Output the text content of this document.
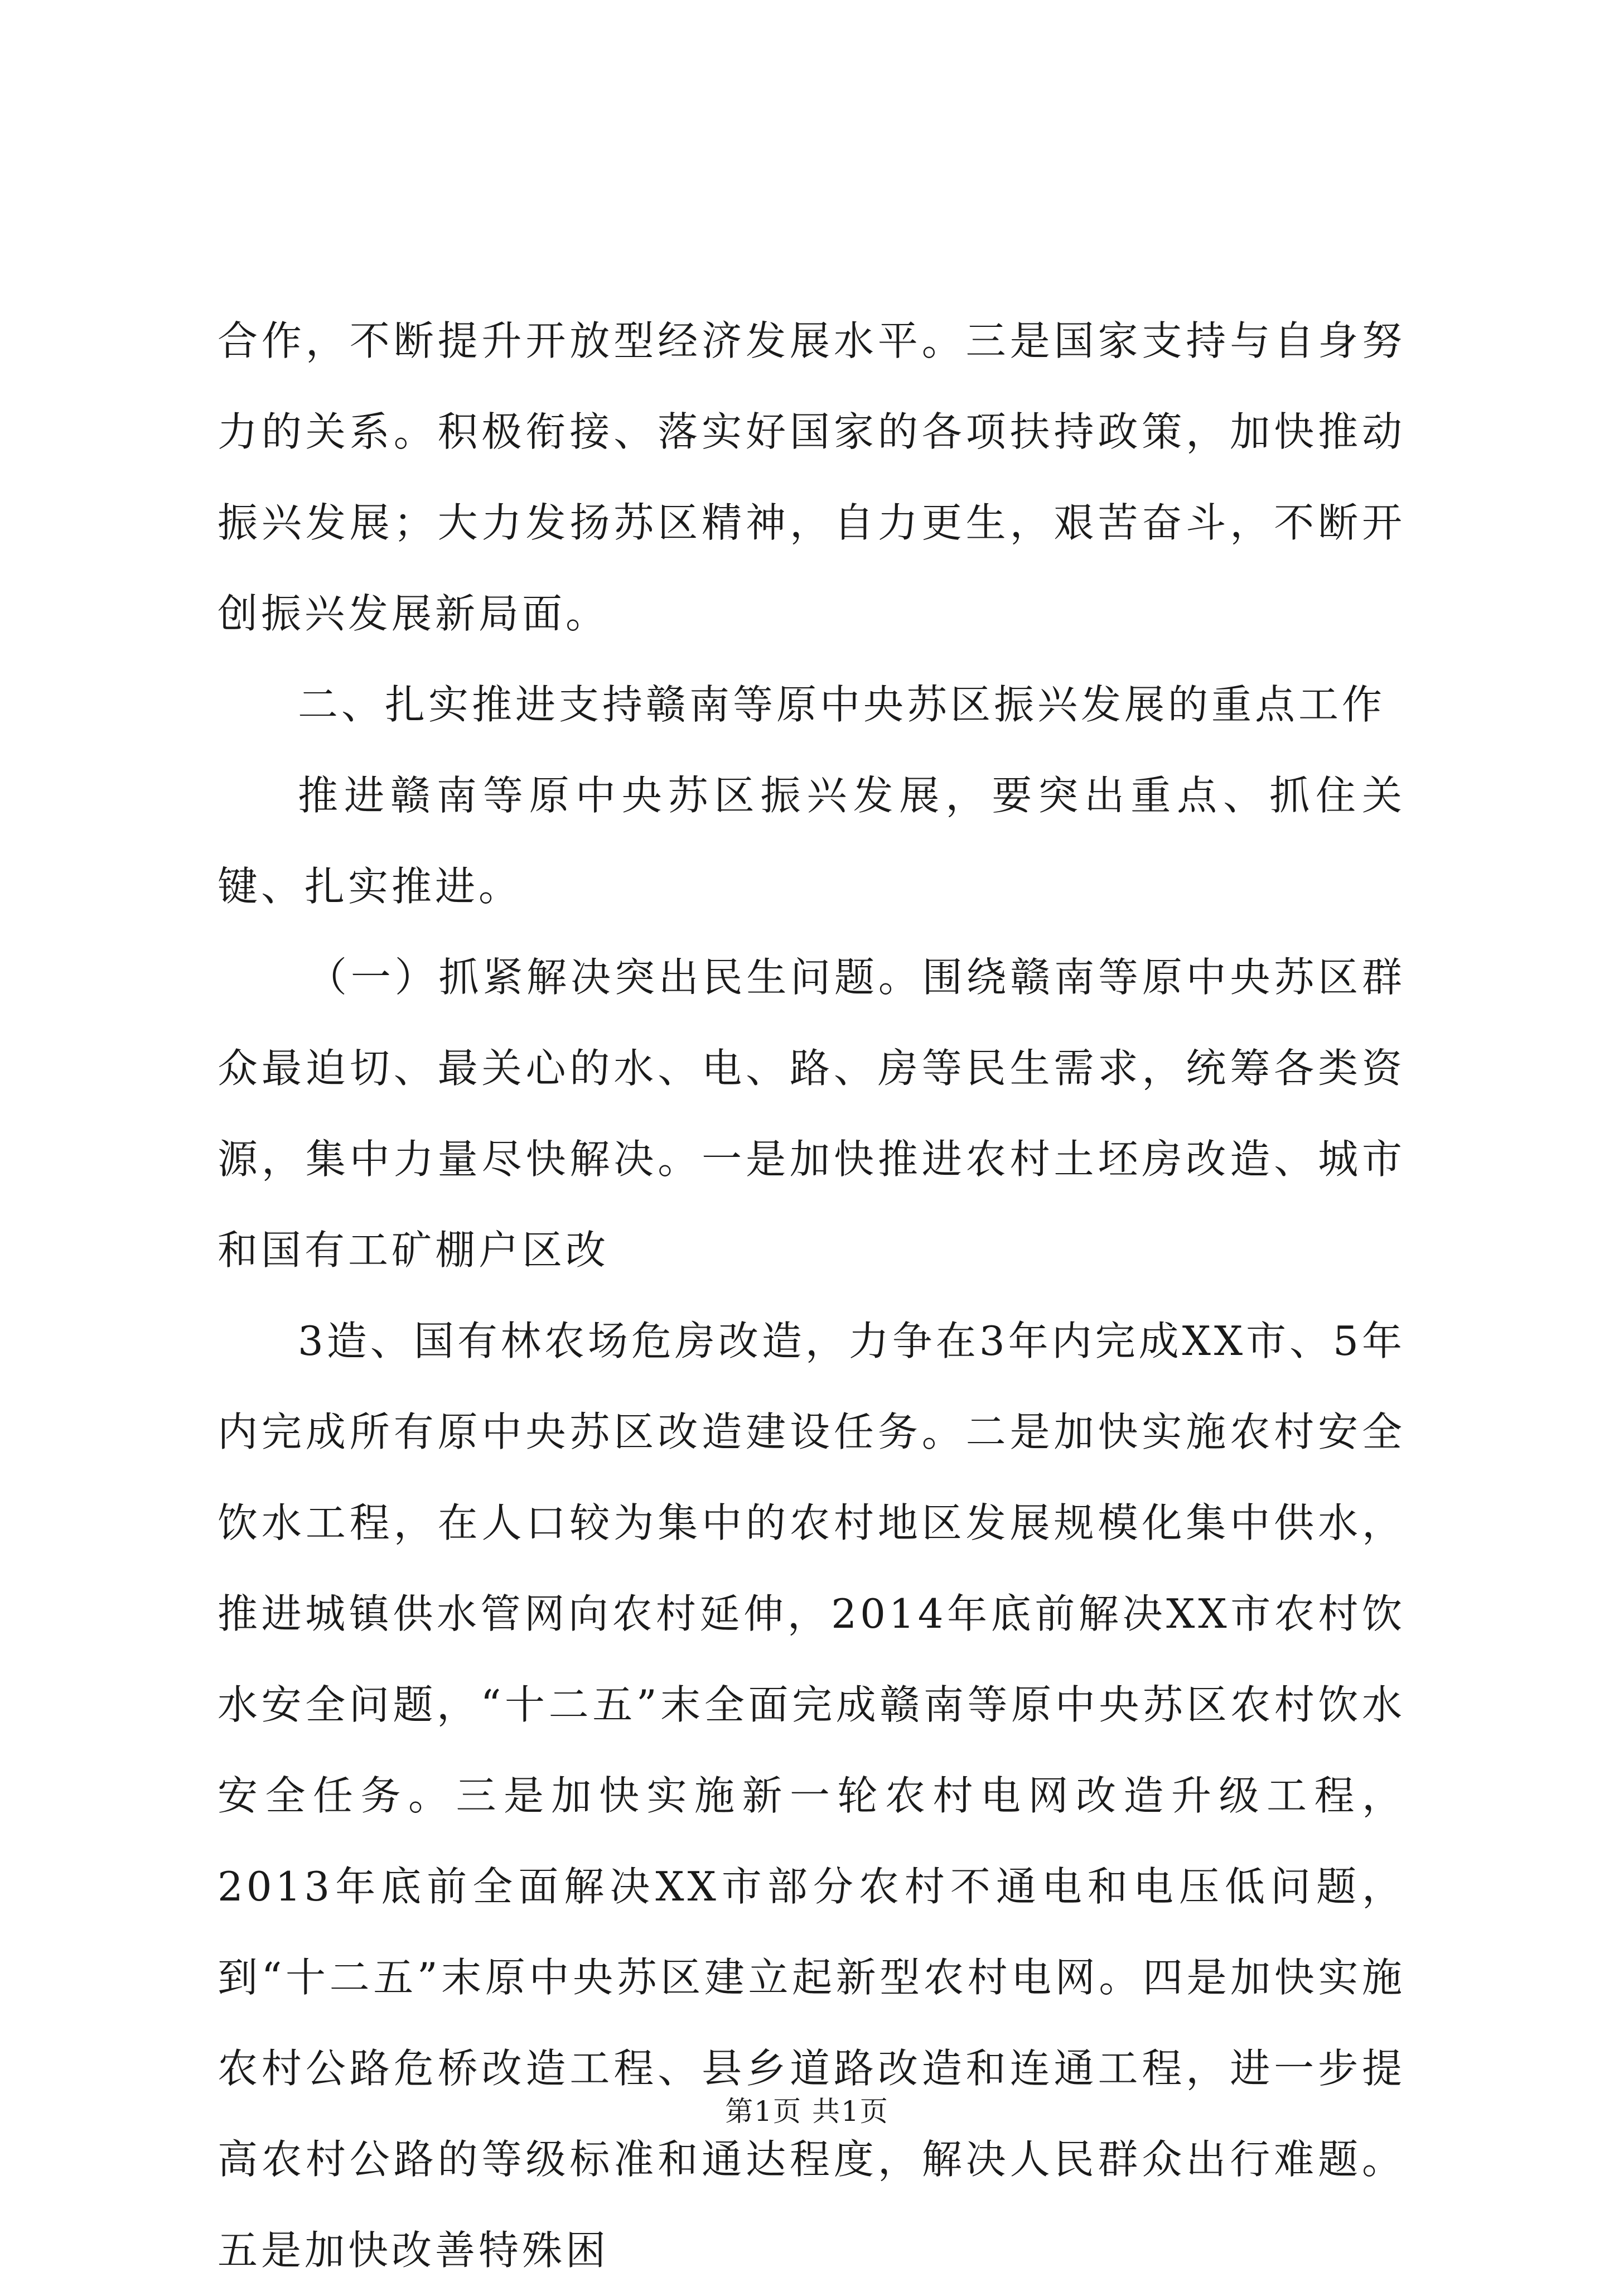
合作，不断提升开放型经济发展水平。三是国家支持与自身努力的关系。积极衔接、落实好国家的各项扶持政策，加快推动振兴发展；大力发扬苏区精神，自力更生，艰苦奋斗，不断开创振兴发展新局面。

二、扎实推进支持赣南等原中央苏区振兴发展的重点工作

推进赣南等原中央苏区振兴发展，要突出重点、抓住关键、扎实推进。

（一）抓紧解决突出民生问题。围绕赣南等原中央苏区群众最迫切、最关心的水、电、路、房等民生需求，统筹各类资源，集中力量尽快解决。一是加快推进农村土坯房改造、城市和国有工矿棚户区改

3造、国有林农场危房改造，力争在3年内完成XX市、5年内完成所有原中央苏区改造建设任务。二是加快实施农村安全饮水工程，在人口较为集中的农村地区发展规模化集中供水，推进城镇供水管网向农村延伸，2014年底前解决XX市农村饮水安全问题，“十二五”末全面完成赣南等原中央苏区农村饮水安全任务。三是加快实施新一轮农村电网改造升级工程，2013年底前全面解决XX市部分农村不通电和电压低问题，到“十二五”末原中央苏区建立起新型农村电网。四是加快实施农村公路危桥改造工程、县乡道路改造和连通工程，进一步提高农村公路的等级标准和通达程度，解决人民群众出行难题。五是加快改善特殊困

第1页 共1页
